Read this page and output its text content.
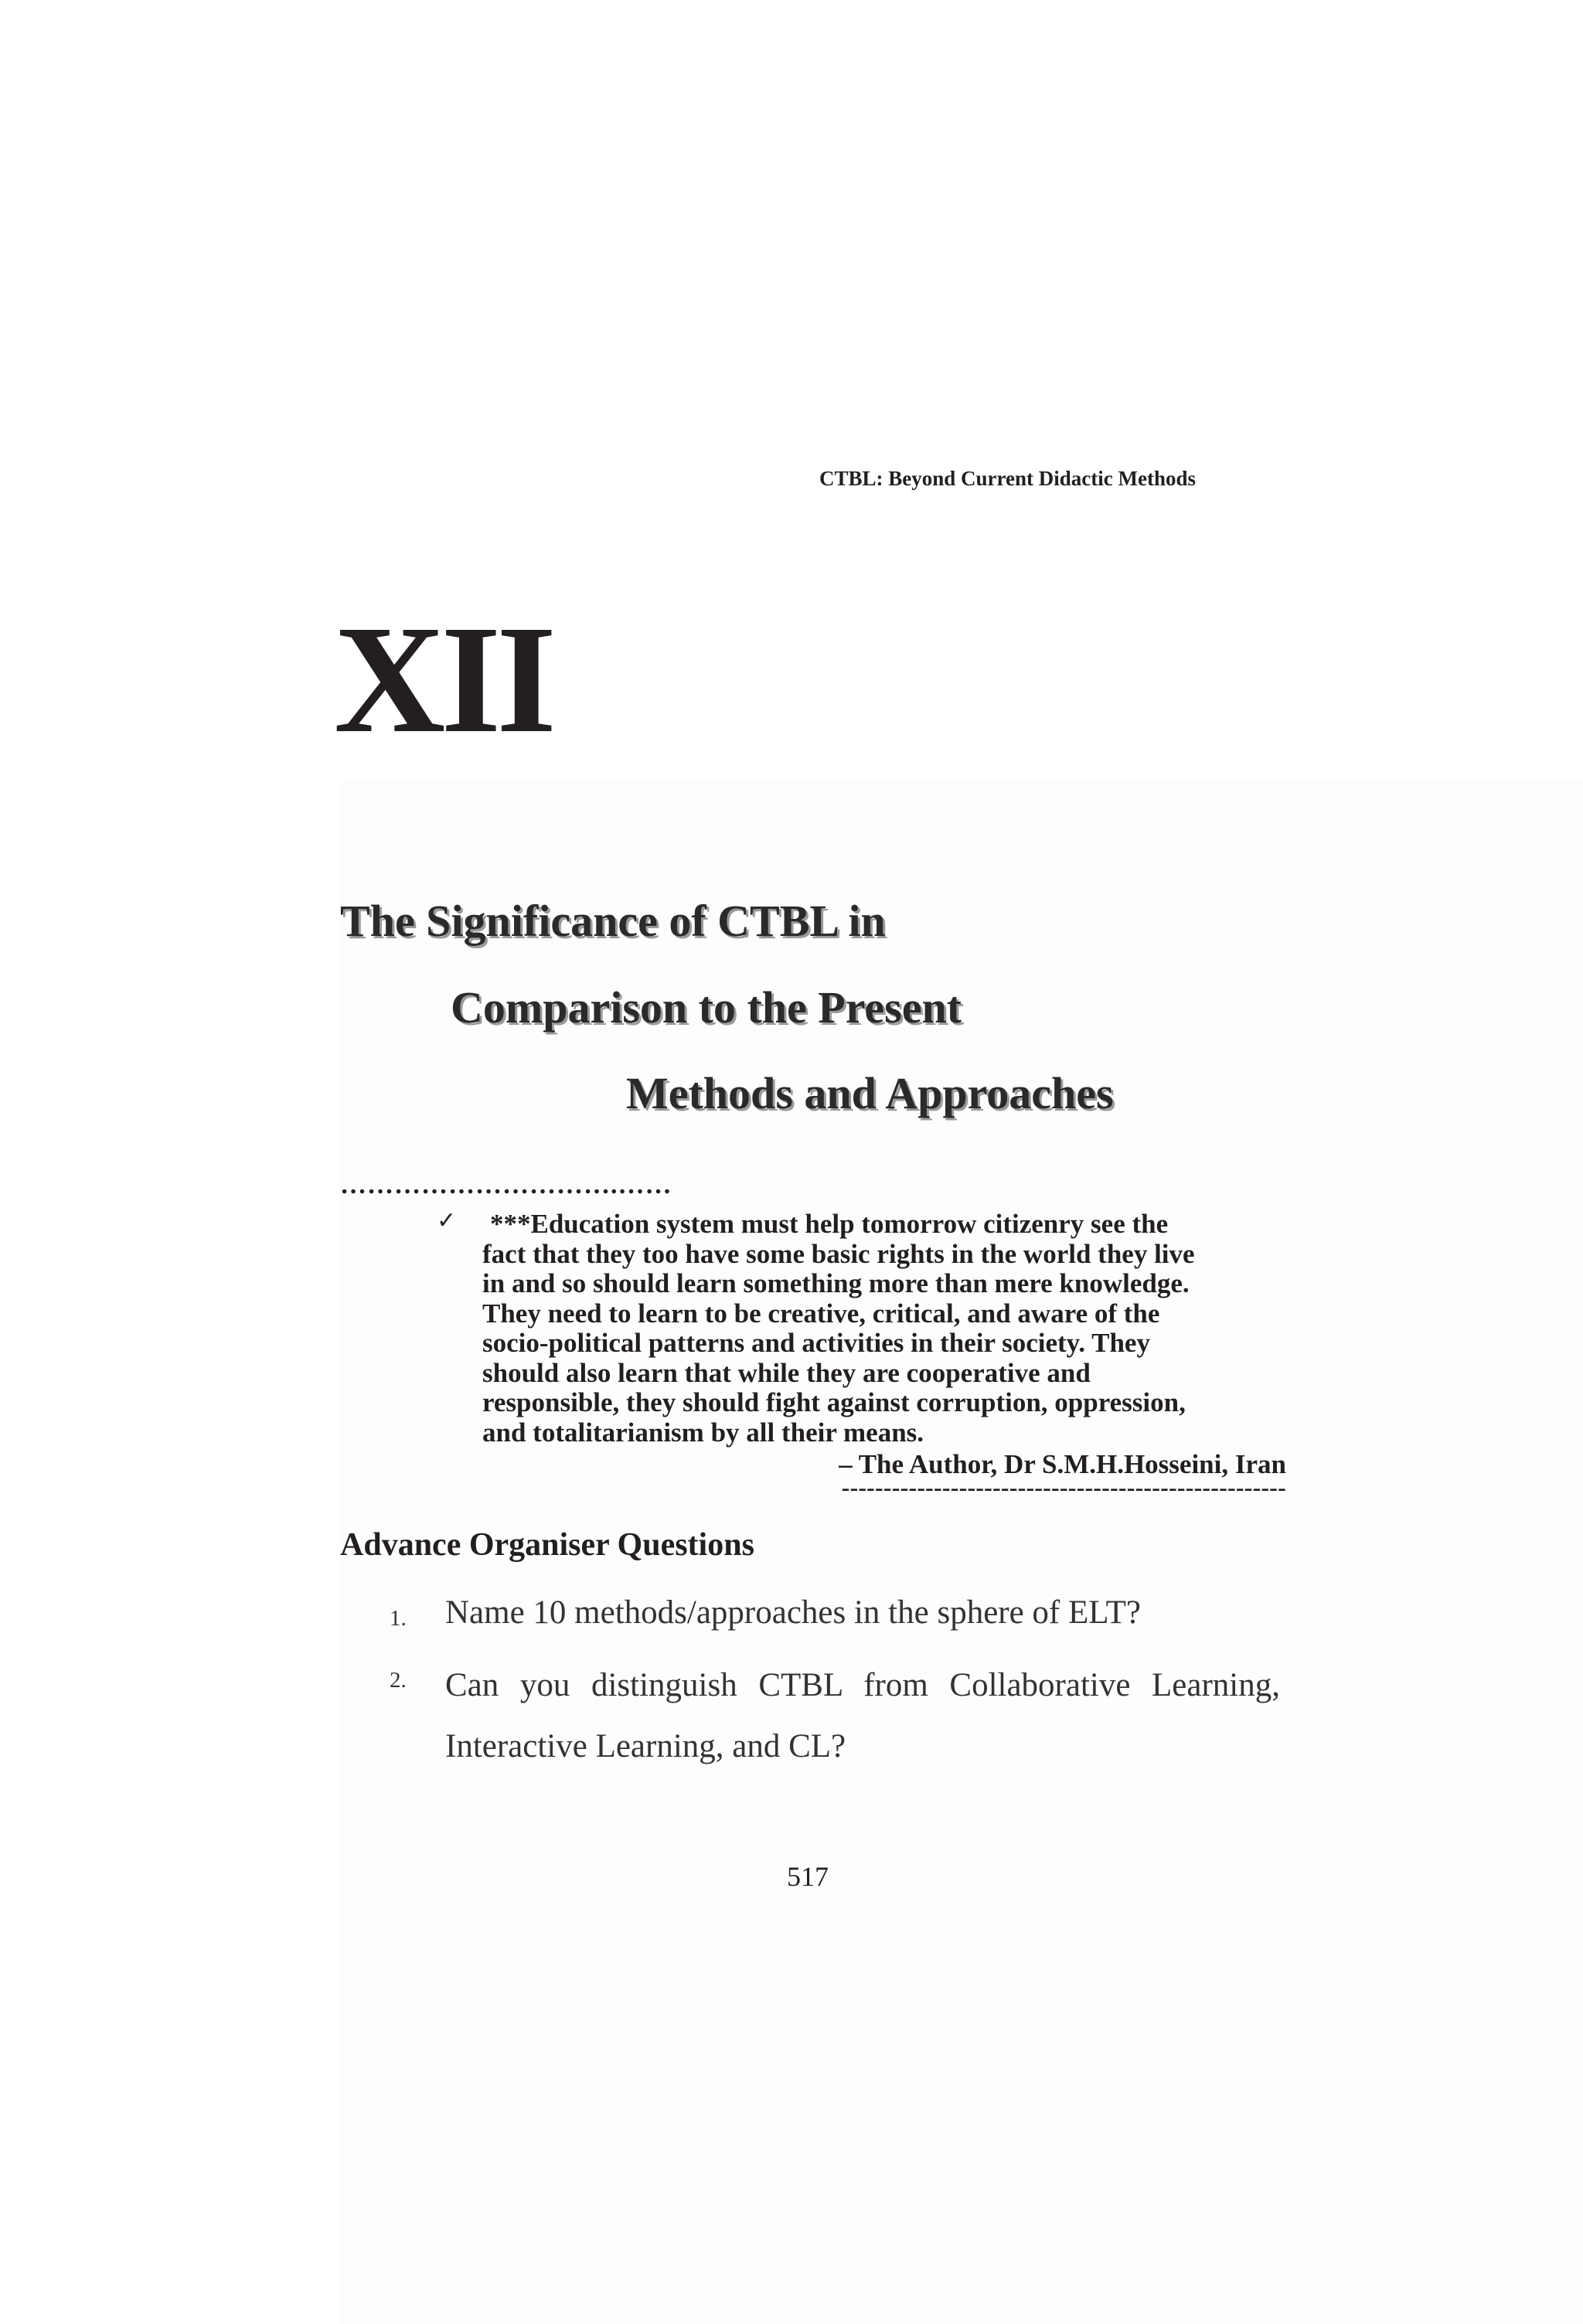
CTBL: Beyond Current Didactic Methods
XII
The Significance of CTBL in
Comparison to the Present
Methods and Approaches
………………………….……
✓ ***Education system must help tomorrow citizenry see the
fact that they too have some basic rights in the world they live
in and so should learn something more than mere knowledge.
They need to learn to be creative, critical, and aware of the
socio-political patterns and activities in their society. They
should also learn that while they are cooperative and
responsible, they should fight against corruption, oppression,
and totalitarianism by all their means.
– The Author, Dr S.M.H.Hosseini, Iran
-----------------------------------------------------
Advance Organiser Questions
1. Name 10 methods/approaches in the sphere of ELT?
2. Can you distinguish CTBL from Collaborative Learning, Interactive Learning, and CL?
517
